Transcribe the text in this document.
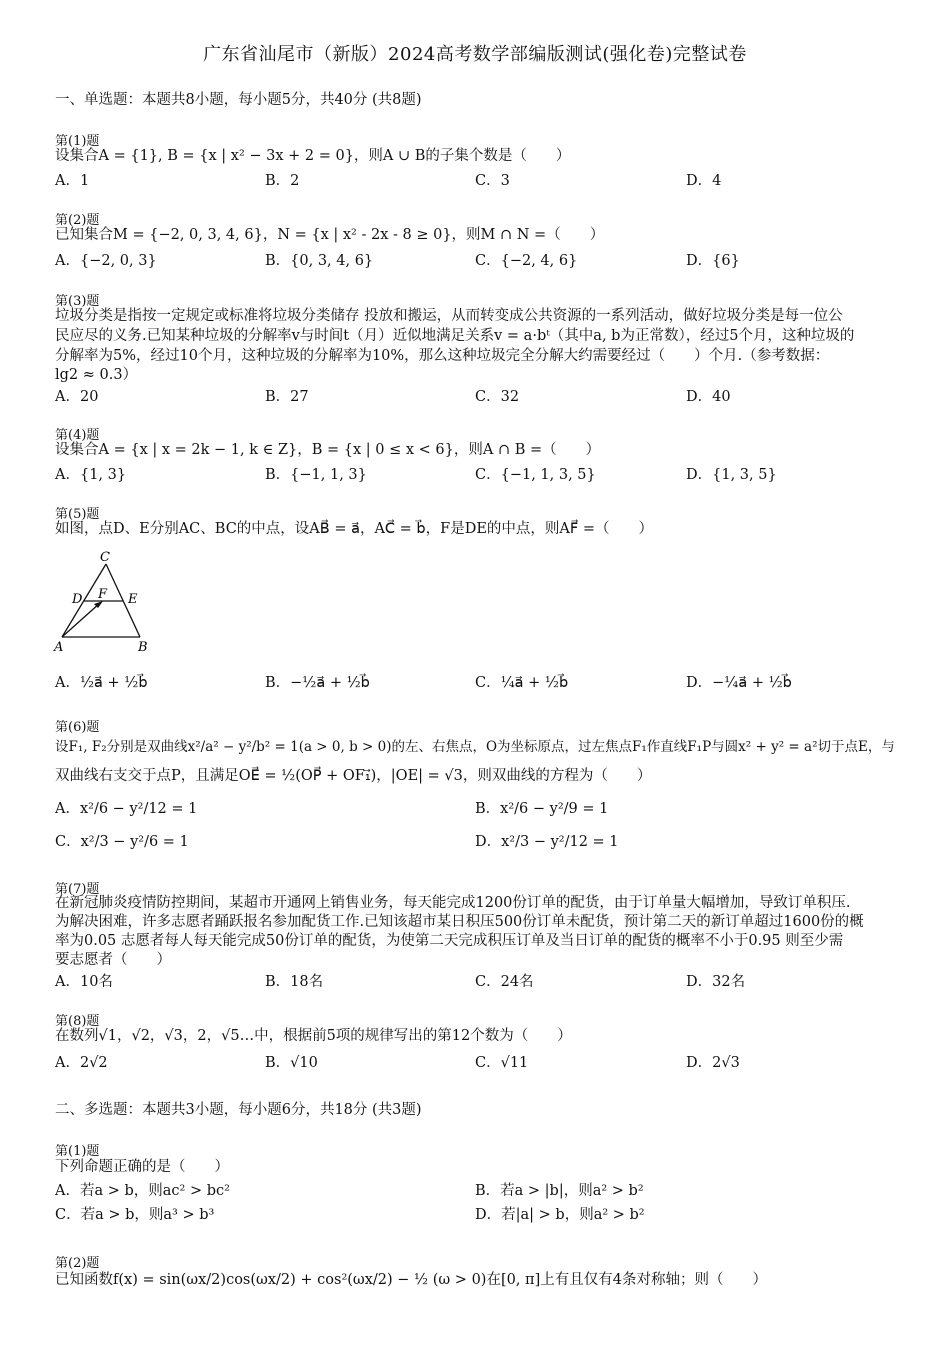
广东省汕尾市（新版）2024高考数学部编版测试(强化卷)完整试卷
一、单选题：本题共8小题，每小题5分，共40分 (共8题)
第(1)题
设集合A = {1}, B = {x | x² − 3x + 2 = 0}，则A ∪ B的子集个数是（　　）
A．1	B．2	C．3	D．4
第(2)题
已知集合M = {−2, 0, 3, 4, 6}，N = {x | x² - 2x - 8 ≥ 0}，则M ∩ N =（　　）
A．{−2, 0, 3}	B．{0, 3, 4, 6}	C．{−2, 4, 6}	D．{6}
第(3)题
垃圾分类是指按一定规定或标准将垃圾分类储存 投放和搬运，从而转变成公共资源的一系列活动，做好垃圾分类是每一位公
民应尽的义务.已知某种垃圾的分解率v与时间t（月）近似地满足关系v = a·bᵗ（其中a, b为正常数），经过5个月，这种垃圾的
分解率为5%，经过10个月，这种垃圾的分解率为10%，那么这种垃圾完全分解大约需要经过（　　）个月.（参考数据：
lg2 ≈ 0.3）
A．20	B．27	C．32	D．40
第(4)题
设集合A = {x | x = 2k − 1, k ∈ Z}，B = {x | 0 ≤ x < 6}，则A ∩ B =（　　）
A．{1, 3}	B．{−1, 1, 3}	C．{−1, 1, 3, 5}	D．{1, 3, 5}
第(5)题
如图，点D、E分别AC、BC的中点，设AB⃗ = a⃗，AC⃗ = b⃗，F是DE的中点，则AF⃗ =（　　）
C
D	E
F
A	B
A．½a⃗ + ½b⃗	B．−½a⃗ + ½b⃗	C．¼a⃗ + ½b⃗	D．−¼a⃗ + ½b⃗
第(6)题
设F₁, F₂分别是双曲线x²/a² − y²/b² = 1(a > 0, b > 0)的左、右焦点，O为坐标原点，过左焦点F₁作直线F₁P与圆x² + y² = a²切于点E，与
双曲线右支交于点P，且满足OE⃗ = ½(OP⃗ + OF₁⃗)，|OE| = √3，则双曲线的方程为（　　）
A．x²/6 − y²/12 = 1	B．x²/6 − y²/9 = 1
C．x²/3 − y²/6 = 1	D．x²/3 − y²/12 = 1
第(7)题
在新冠肺炎疫情防控期间，某超市开通网上销售业务，每天能完成1200份订单的配货，由于订单量大幅增加，导致订单积压.
为解决困难，许多志愿者踊跃报名参加配货工作.已知该超市某日积压500份订单未配货，预计第二天的新订单超过1600份的概
率为0.05 志愿者每人每天能完成50份订单的配货，为使第二天完成积压订单及当日订单的配货的概率不小于0.95 则至少需
要志愿者（　　）
A．10名	B．18名	C．24名	D．32名
第(8)题
在数列√1，√2，√3，2，√5…中，根据前5项的规律写出的第12个数为（　　）
A．2√2	B．√10	C．√11	D．2√3
二、多选题：本题共3小题，每小题6分，共18分 (共3题)
第(1)题
下列命题正确的是（　　）
A．若a > b，则ac² > bc²	B．若a > |b|，则a² > b²
C．若a > b，则a³ > b³	D．若|a| > b，则a² > b²
第(2)题
已知函数f(x) = sin(ωx/2)cos(ωx/2) + cos²(ωx/2) − ½ (ω > 0)在[0, π]上有且仅有4条对称轴；则（　　）
